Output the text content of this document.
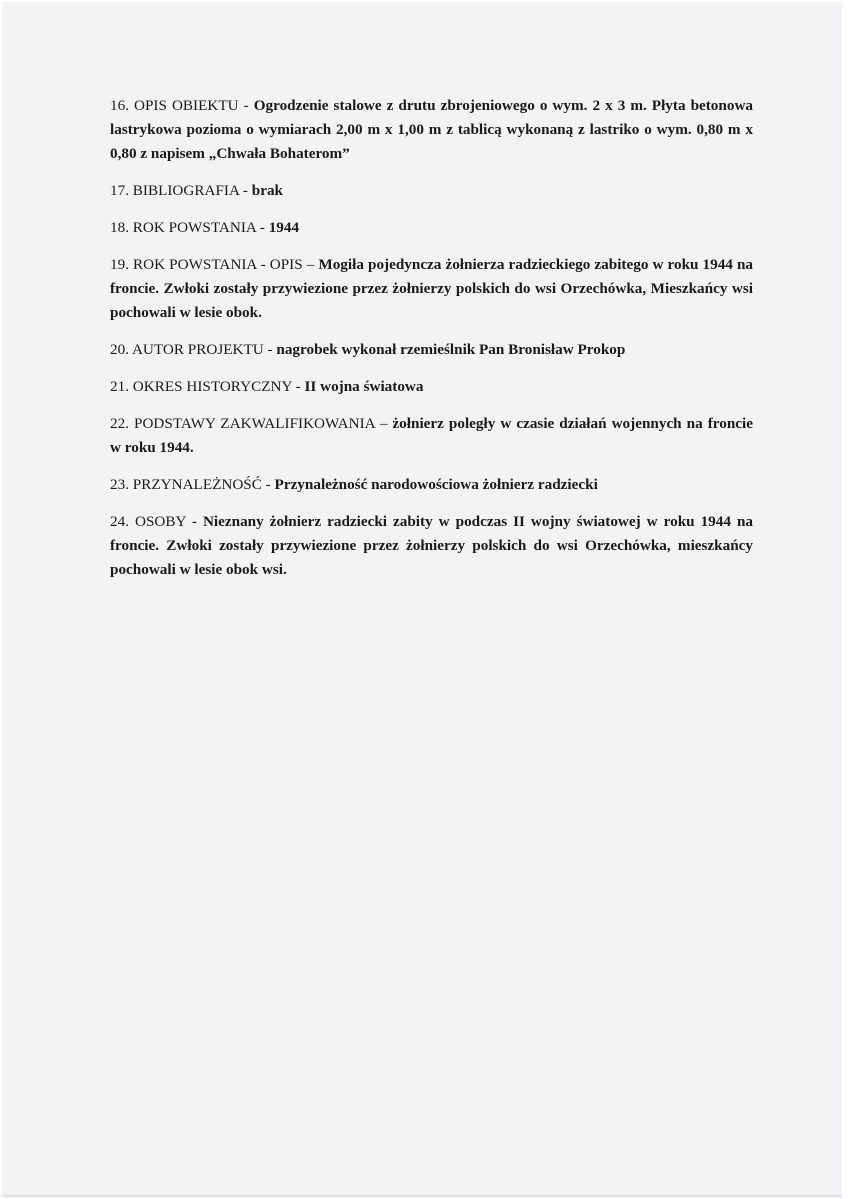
16. OPIS OBIEKTU - Ogrodzenie stalowe z drutu zbrojeniowego o wym. 2 x 3 m. Płyta betonowa lastrykowa pozioma o wymiarach 2,00 m x 1,00 m z tablicą wykonaną z lastriko o wym. 0,80 m x 0,80 z napisem „Chwała Bohaterom”

17. BIBLIOGRAFIA - brak

18. ROK POWSTANIA - 1944

19. ROK POWSTANIA - OPIS – Mogiła pojedyncza żołnierza radzieckiego zabitego w roku 1944 na froncie. Zwłoki zostały przywiezione przez żołnierzy polskich do wsi Orzechówka, Mieszkańcy wsi pochowali w lesie obok.

20. AUTOR PROJEKTU - nagrobek wykonał rzemieślnik Pan Bronisław Prokop

21. OKRES HISTORYCZNY - II wojna światowa

22. PODSTAWY ZAKWALIFIKOWANIA – żołnierz poległy w czasie działań wojennych na froncie w roku 1944.

23. PRZYNALEŻNOŚĆ - Przynależność narodowościowa żołnierz radziecki

24. OSOBY - Nieznany żołnierz radziecki zabity w podczas II wojny światowej w roku 1944 na froncie. Zwłoki zostały przywiezione przez żołnierzy polskich do wsi Orzechówka, mieszkańcy pochowali w lesie obok wsi.
